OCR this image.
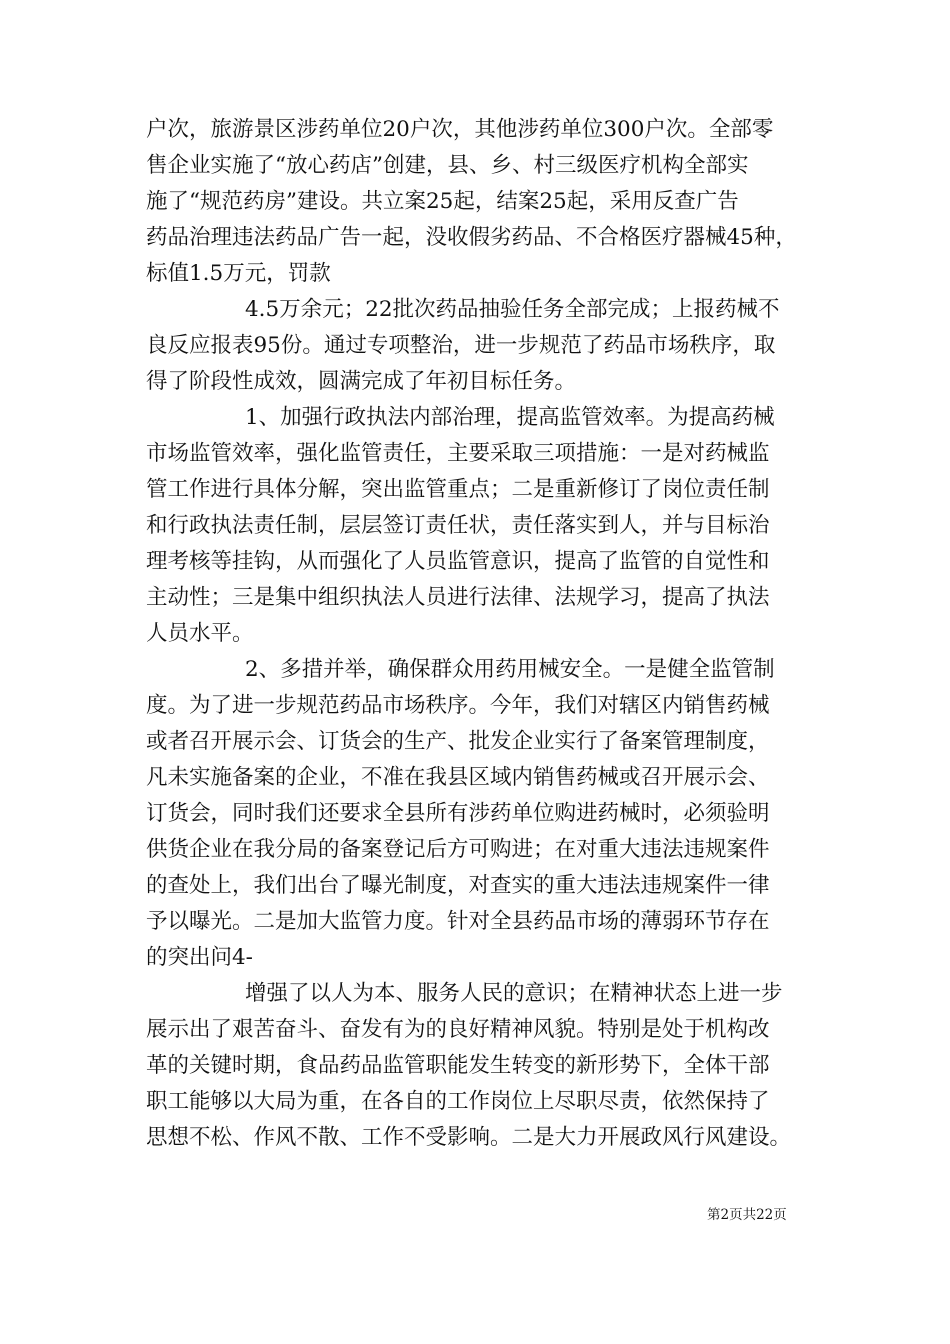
户次，旅游景区涉药单位20户次，其他涉药单位300户次。全部零
售企业实施了“放心药店”创建，县、乡、村三级医疗机构全部实
施了“规范药房”建设。共立案25起，结案25起，采用反查广告
药品治理违法药品广告一起，没收假劣药品、不合格医疗器械45种，
标值1.5万元，罚款
4.5万余元；22批次药品抽验任务全部完成；上报药械不
良反应报表95份。通过专项整治，进一步规范了药品市场秩序，取
得了阶段性成效，圆满完成了年初目标任务。
1、加强行政执法内部治理，提高监管效率。为提高药械
市场监管效率，强化监管责任，主要采取三项措施：一是对药械监
管工作进行具体分解，突出监管重点；二是重新修订了岗位责任制
和行政执法责任制，层层签订责任状，责任落实到人，并与目标治
理考核等挂钩，从而强化了人员监管意识，提高了监管的自觉性和
主动性；三是集中组织执法人员进行法律、法规学习，提高了执法
人员水平。
2、多措并举，确保群众用药用械安全。一是健全监管制
度。为了进一步规范药品市场秩序。今年，我们对辖区内销售药械
或者召开展示会、订货会的生产、批发企业实行了备案管理制度，
凡未实施备案的企业，不准在我县区域内销售药械或召开展示会、
订货会，同时我们还要求全县所有涉药单位购进药械时，必须验明
供货企业在我分局的备案登记后方可购进；在对重大违法违规案件
的查处上，我们出台了曝光制度，对查实的重大违法违规案件一律
予以曝光。二是加大监管力度。针对全县药品市场的薄弱环节存在
的突出问4-
增强了以人为本、服务人民的意识；在精神状态上进一步
展示出了艰苦奋斗、奋发有为的良好精神风貌。特别是处于机构改
革的关键时期，食品药品监管职能发生转变的新形势下，全体干部
职工能够以大局为重，在各自的工作岗位上尽职尽责，依然保持了
思想不松、作风不散、工作不受影响。二是大力开展政风行风建设。
第2页共22页
